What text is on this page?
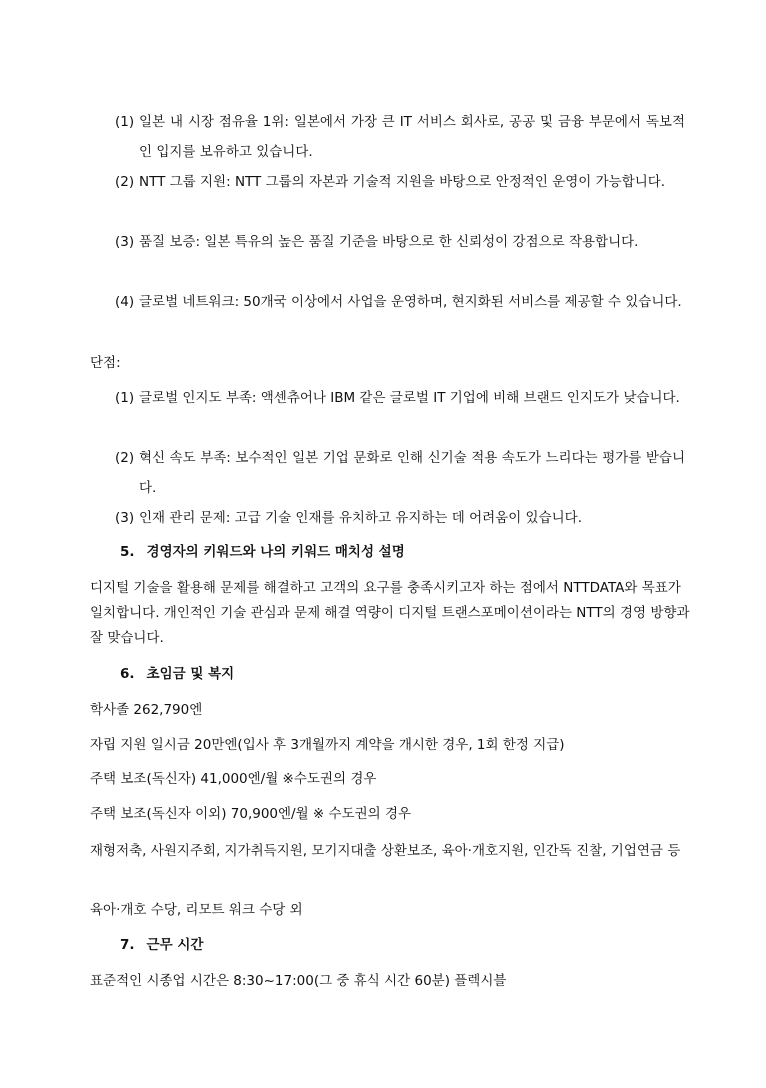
(1) 일본 내 시장 점유율 1위: 일본에서 가장 큰 IT 서비스 회사로, 공공 및 금융 부문에서 독보적인 입지를 보유하고 있습니다.
(2) NTT 그룹 지원: NTT 그룹의 자본과 기술적 지원을 바탕으로 안정적인 운영이 가능합니다.
(3) 품질 보증: 일본 특유의 높은 품질 기준을 바탕으로 한 신뢰성이 강점으로 작용합니다.
(4) 글로벌 네트워크: 50개국 이상에서 사업을 운영하며, 현지화된 서비스를 제공할 수 있습니다.
단점:
(1) 글로벌 인지도 부족: 액센츄어나 IBM 같은 글로벌 IT 기업에 비해 브랜드 인지도가 낮습니다.
(2) 혁신 속도 부족: 보수적인 일본 기업 문화로 인해 신기술 적용 속도가 느리다는 평가를 받습니다.
(3) 인재 관리 문제: 고급 기술 인재를 유치하고 유지하는 데 어려움이 있습니다.
5. 경영자의 키워드와 나의 키워드 매치성 설명
디지털 기술을 활용해 문제를 해결하고 고객의 요구를 충족시키고자 하는 점에서 NTTDATA와 목표가 일치합니다. 개인적인 기술 관심과 문제 해결 역량이 디지털 트랜스포메이션이라는 NTT의 경영 방향과 잘 맞습니다.
6. 초임금 및 복지
학사졸 262,790엔
자립 지원 일시금 20만엔(입사 후 3개월까지 계약을 개시한 경우, 1회 한정 지급)
주택 보조(독신자) 41,000엔/월 ※수도권의 경우
주택 보조(독신자 이외) 70,900엔/월 ※ 수도권의 경우
재형저축, 사원지주회, 지가취득지원, 모기지대출 상환보조, 육아·개호지원, 인간독 진찰, 기업연금 등
육아·개호 수당, 리모트 워크 수당 외
7. 근무 시간
표준적인 시종업 시간은 8:30~17:00(그 중 휴식 시간 60분) 플렉시블
